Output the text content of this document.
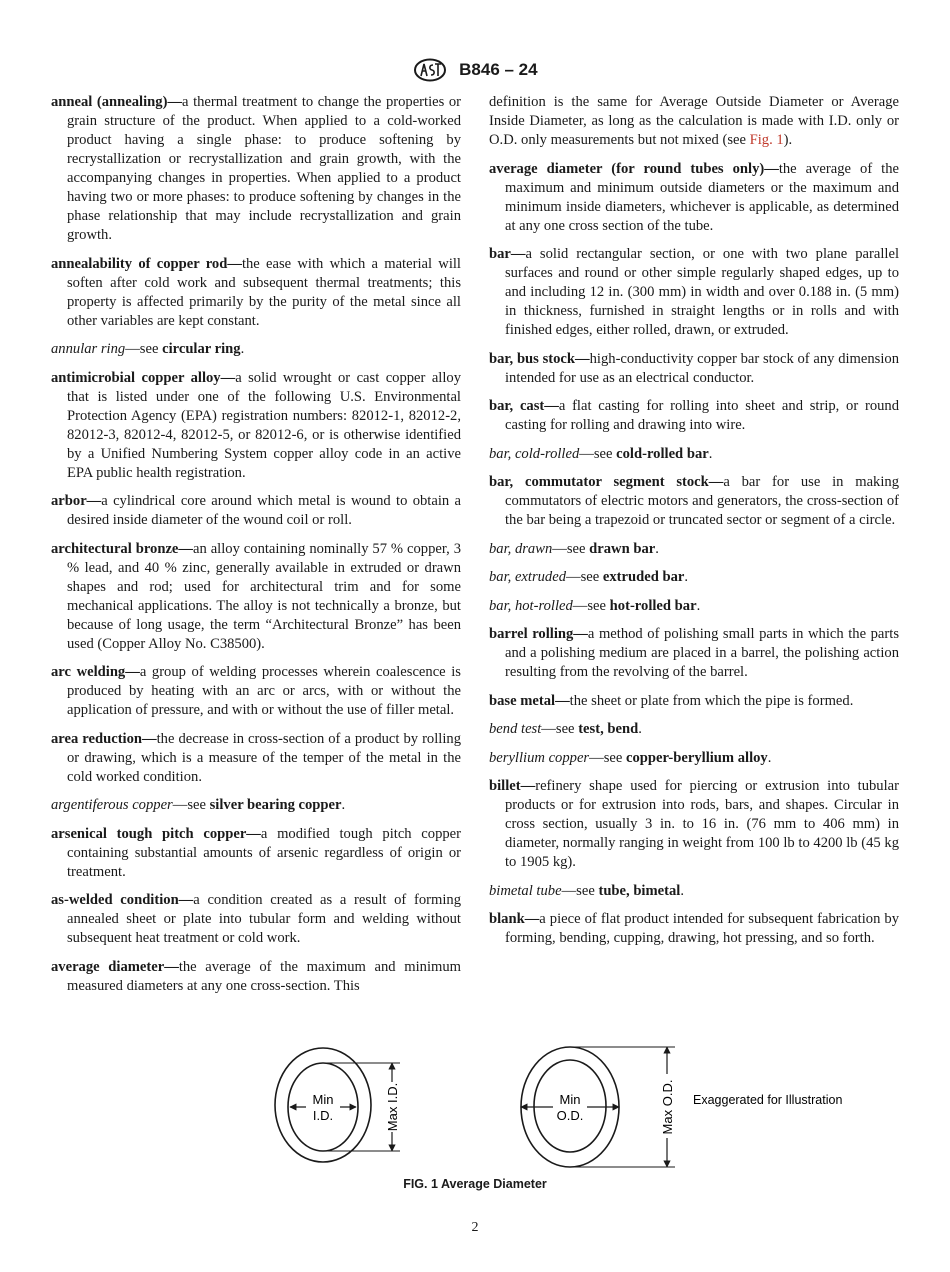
B846 – 24

anneal (annealing)—a thermal treatment to change the properties or grain structure of the product. When applied to a cold-worked product having a single phase: to produce softening by recrystallization or recrystallization and grain growth, with the accompanying changes in properties. When applied to a product having two or more phases: to produce softening by changes in the phase relationship that may include recrystallization and grain growth.

annealability of copper rod—the ease with which a material will soften after cold work and subsequent thermal treatments; this property is affected primarily by the purity of the metal since all other variables are kept constant.

annular ring—see circular ring.

antimicrobial copper alloy—a solid wrought or cast copper alloy that is listed under one of the following U.S. Environmental Protection Agency (EPA) registration numbers: 82012-1, 82012-2, 82012-3, 82012-4, 82012-5, or 82012-6, or is otherwise identified by a Unified Numbering System copper alloy code in an active EPA public health registration.

arbor—a cylindrical core around which metal is wound to obtain a desired inside diameter of the wound coil or roll.

architectural bronze—an alloy containing nominally 57 % copper, 3 % lead, and 40 % zinc, generally available in extruded or drawn shapes and rod; used for architectural trim and for some mechanical applications. The alloy is not technically a bronze, but because of long usage, the term “Architectural Bronze” has been used (Copper Alloy No. C38500).

arc welding—a group of welding processes wherein coalescence is produced by heating with an arc or arcs, with or without the application of pressure, and with or without the use of filler metal.

area reduction—the decrease in cross-section of a product by rolling or drawing, which is a measure of the temper of the metal in the cold worked condition.

argentiferous copper—see silver bearing copper.

arsenical tough pitch copper—a modified tough pitch copper containing substantial amounts of arsenic regardless of origin or treatment.

as-welded condition—a condition created as a result of forming annealed sheet or plate into tubular form and welding without subsequent heat treatment or cold work.

average diameter—the average of the maximum and minimum measured diameters at any one cross-section. This

definition is the same for Average Outside Diameter or Average Inside Diameter, as long as the calculation is made with I.D. only or O.D. only measurements but not mixed (see Fig. 1).

average diameter (for round tubes only)—the average of the maximum and minimum outside diameters or the maximum and minimum inside diameters, whichever is applicable, as determined at any one cross section of the tube.

bar—a solid rectangular section, or one with two plane parallel surfaces and round or other simple regularly shaped edges, up to and including 12 in. (300 mm) in width and over 0.188 in. (5 mm) in thickness, furnished in straight lengths or in rolls and with finished edges, either rolled, drawn, or extruded.

bar, bus stock—high-conductivity copper bar stock of any dimension intended for use as an electrical conductor.

bar, cast—a flat casting for rolling into sheet and strip, or round casting for rolling and drawing into wire.

bar, cold-rolled—see cold-rolled bar.

bar, commutator segment stock—a bar for use in making commutators of electric motors and generators, the cross-section of the bar being a trapezoid or truncated sector or segment of a circle.

bar, drawn—see drawn bar.

bar, extruded—see extruded bar.

bar, hot-rolled—see hot-rolled bar.

barrel rolling—a method of polishing small parts in which the parts and a polishing medium are placed in a barrel, the polishing action resulting from the revolving of the barrel.

base metal—the sheet or plate from which the pipe is formed.

bend test—see test, bend.

beryllium copper—see copper-beryllium alloy.

billet—refinery shape used for piercing or extrusion into tubular products or for extrusion into rods, bars, and shapes. Circular in cross section, usually 3 in. to 16 in. (76 mm to 406 mm) in diameter, normally ranging in weight from 100 lb to 4200 lb (45 kg to 1905 kg).

bimetal tube—see tube, bimetal.

blank—a piece of flat product intended for subsequent fabrication by forming, bending, cupping, drawing, hot pressing, and so forth.

Min
I.D.	Max I.D.	Min
O.D.	Max O.D. Exaggerated for Illustration
FIG. 1 Average Diameter
2
